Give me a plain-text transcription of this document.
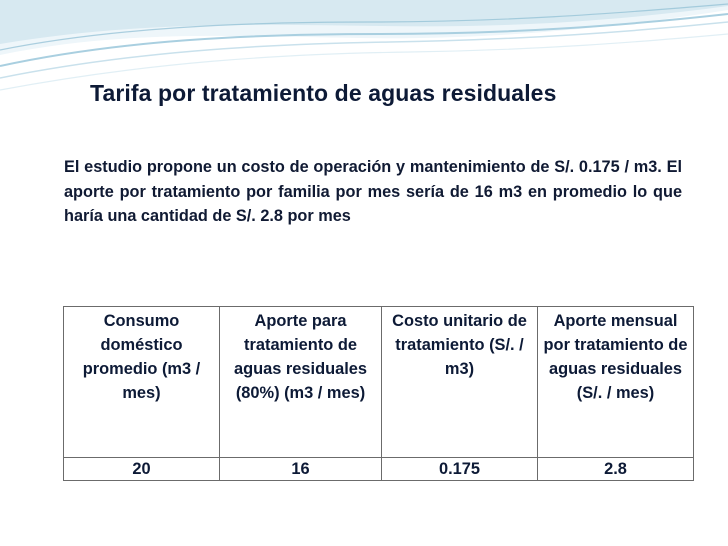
Tarifa por tratamiento de aguas residuales
El estudio propone un costo de operación y mantenimiento de S/. 0.175 / m3. El aporte por tratamiento por familia por mes sería de 16 m3 en promedio lo que haría una cantidad de S/. 2.8 por mes
Consumo doméstico promedio (m3 / mes)	Aporte para tratamiento de aguas residuales (80%) (m3 / mes)	Costo unitario de tratamiento (S/. / m3)	Aporte mensual por tratamiento de aguas residuales (S/. / mes)
20	16	0.175	2.8
